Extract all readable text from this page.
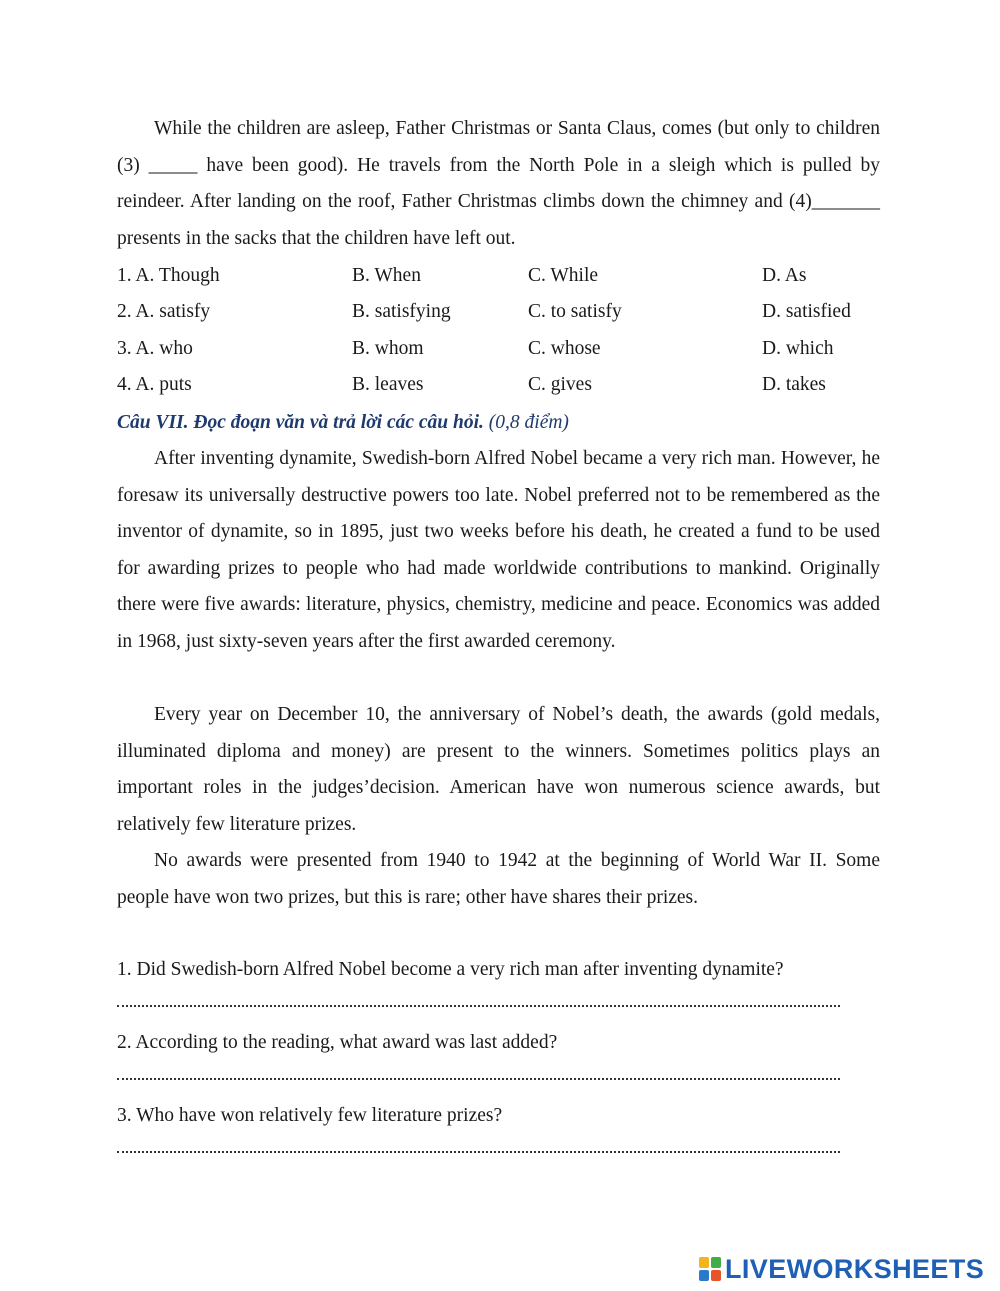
While the children are asleep, Father Christmas or Santa Claus, comes (but only to children (3) _____ have been good). He travels from the North Pole in a sleigh which is pulled by reindeer. After landing on the roof, Father Christmas climbs down the chimney and (4)_______ presents in the sacks that the children have left out.

1. A. Though	B. When	C. While	D. As
2. A. satisfy	B. satisfying	C. to satisfy	D. satisfied
3. A. who	B. whom	C. whose	D. which
4. A. puts	B. leaves	C. gives	D. takes
Câu VII. Đọc đoạn văn và trả lời các câu hỏi. (0,8 điểm)

After inventing dynamite, Swedish-born Alfred Nobel became a very rich man. However, he foresaw its universally destructive powers too late. Nobel preferred not to be remembered as the inventor of dynamite, so in 1895, just two weeks before his death, he created a fund to be used for awarding prizes to people who had made worldwide contributions to mankind. Originally there were five awards: literature, physics, chemistry, medicine and peace. Economics was added in 1968, just sixty-seven years after the first awarded ceremony.

Every year on December 10, the anniversary of Nobel’s death, the awards (gold medals, illuminated diploma and money) are present to the winners. Sometimes politics plays an important roles in the judges’decision. American have won numerous science awards, but relatively few literature prizes.

No awards were presented from 1940 to 1942 at the beginning of World War II. Some people have won two prizes, but this is rare; other have shares their prizes.

1. Did Swedish-born Alfred Nobel become a very rich man after inventing dynamite?
2. According to the reading, what award was last added?
3. Who have won relatively few literature prizes?
LIVEWORKSHEETS
